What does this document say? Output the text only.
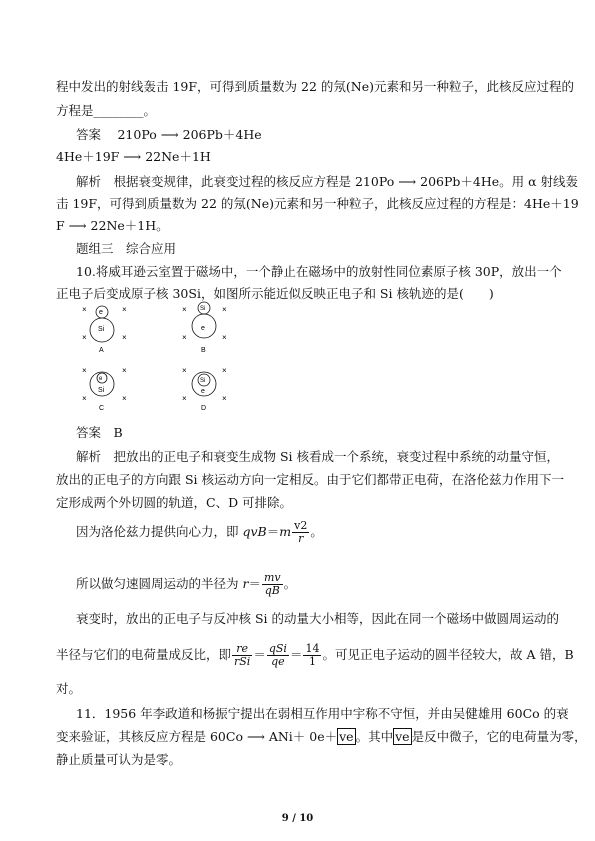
程中发出的射线轰击 19F，可得到质量数为 22 的氖(Ne)元素和另一种粒子，此核反应过程的
方程是________。
答案　 210Po ⟶ 206Pb＋4He
4He＋19F ⟶ 22Ne＋1H
解析　根据衰变规律，此衰变过程的核反应方程是 210Po ⟶ 206Pb＋4He。用 α 射线轰
击 19F，可得到质量数为 22 的氖(Ne)元素和另一种粒子，此核反应过程的方程是：4He＋19
F ⟶ 22Ne＋1H。
题组三　综合应用
10.将威耳逊云室置于磁场中，一个静止在磁场中的放射性同位素原子核 30P，放出一个
正电子后变成原子核 30Si，如图所示能近似反映正电子和 Si 核轨迹的是(　　)
×	×
×	×
e
Si
A
×	×
×	×
Si
e
B
×	×
×	×
e
Si
C
×	×
×	×
Si
e
D
答案　B
解析　把放出的正电子和衰变生成物 Si 核看成一个系统，衰变过程中系统的动量守恒，
放出的正电子的方向跟 Si 核运动方向一定相反。由于它们都带正电荷，在洛伦兹力作用下一
定形成两个外切圆的轨道，C、D 可排除。
因为洛伦兹力提供向心力，即 $qvB=m \frac{v2}{r}$ 。
所以做匀速圆周运动的半径为 $r= \frac{mv}{qB}$ 。
衰变时，放出的正电子与反冲核 Si 的动量大小相等，因此在同一个磁场中做圆周运动的
半径与它们的电荷量成反比，即 $\frac{re}{\text{rSi}} = \frac{\text{qSi}}{qe} = \frac{14}{1}$ 。可见正电子运动的圆半径较大，故 A 错，B
对。
11．1956 年李政道和杨振宁提出在弱相互作用中宇称不守恒，并由吴健雄用 60Co 的衰
变来验证，其核反应方程是 60Co ⟶ ANi＋ 0e＋ ve 。其中 ve 是反中微子，它的电荷量为零，
静止质量可认为是零。
9 / 10
